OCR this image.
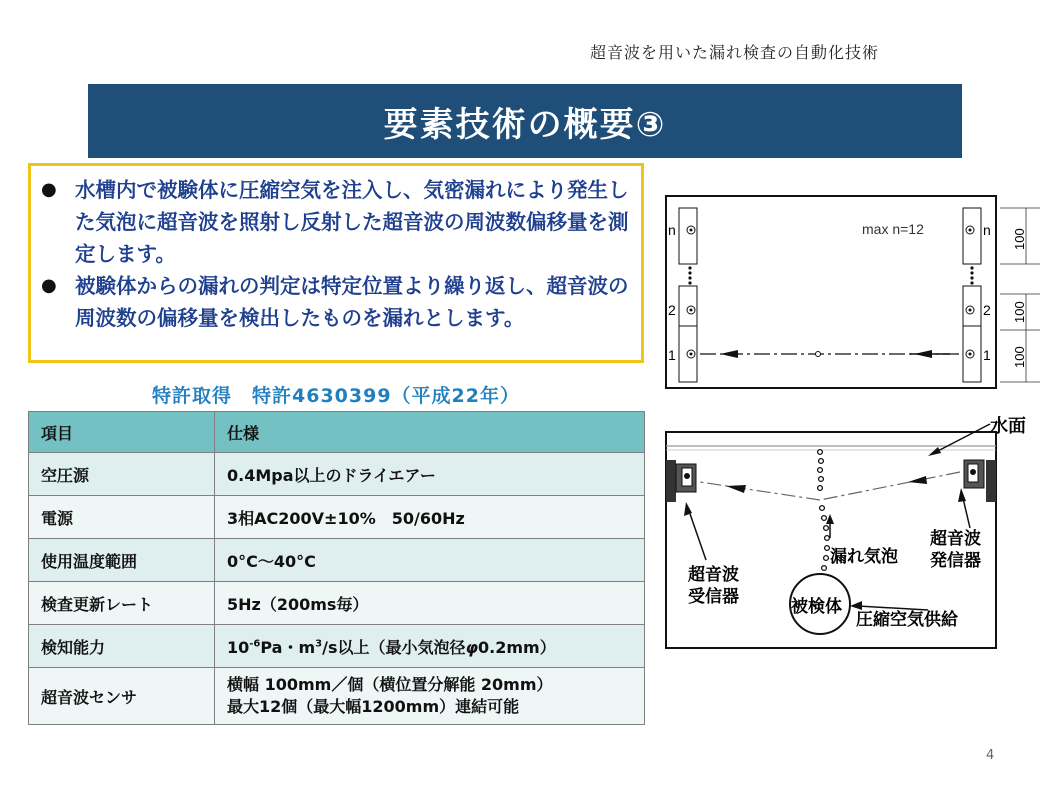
超音波を用いた漏れ検査の自動化技術
要素技術の概要③
● 水槽内で被験体に圧縮空気を注入し、気密漏れにより発生した気泡に超音波を照射し反射した超音波の周波数偏移量を測定します。
● 被験体からの漏れの判定は特定位置より繰り返し、超音波の周波数の偏移量を検出したものを漏れとします。
特許取得　特許4630399（平成22年）
項目	仕様
空圧源	0.4Mpa以上のドライエアー
電源	3相AC200V±10%　50/60Hz
使用温度範囲	0°C〜40°C
検査更新レート	5Hz（200ms毎）
検知能力	$10^{-6}Pa$・$m^3/s$以上（最小気泡径φ0.2mm）
超音波センサ	横幅 100mm／個（横位置分解能 20mm）
最大12個（最大幅1200mm）連結可能
n
2
1
n
2
1
max n=12	100
100
100
水面
被検体
超音波
受信器
超音波
発信器
漏れ気泡
圧縮空気供給
4
